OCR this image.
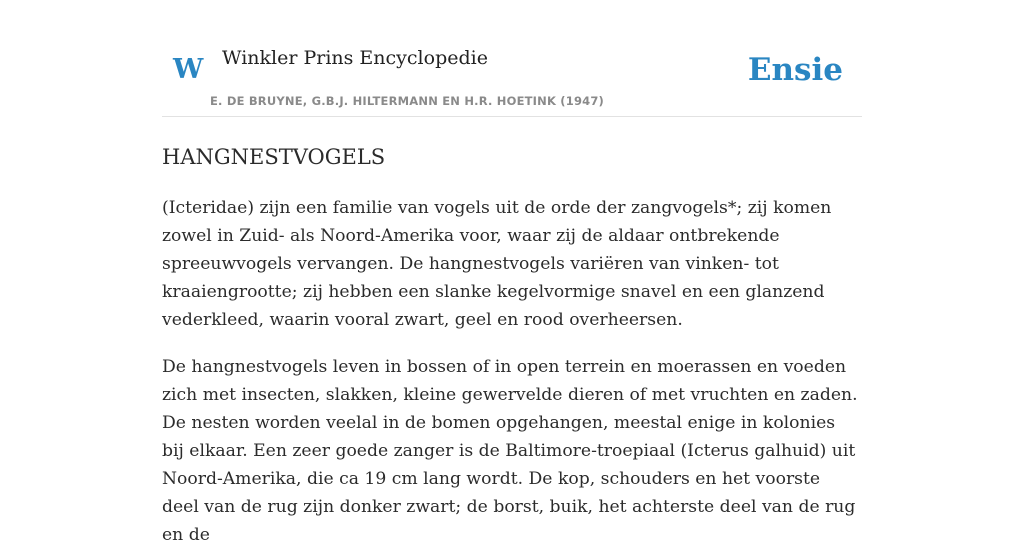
W Winkler Prins Encyclopedie
E. DE BRUYNE, G.B.J. HILTERMANN EN H.R. HOETINK (1947)
Ensie
HANGNESTVOGELS

(Icteridae) zijn een familie van vogels uit de orde der zangvogels*; zij komen zowel in Zuid- als Noord-Amerika voor, waar zij de aldaar ontbrekende spreeuwvogels vervangen. De hangnestvogels variëren van vinken- tot kraaiengrootte; zij hebben een slanke kegelvormige snavel en een glanzend vederkleed, waarin vooral zwart, geel en rood overheersen.

De hangnestvogels leven in bossen of in open terrein en moerassen en voeden zich met insecten, slakken, kleine gewervelde dieren of met vruchten en zaden. De nesten worden veelal in de bomen opgehangen, meestal enige in kolonies bij elkaar. Een zeer goede zanger is de Baltimore-troepiaal (Icterus galhuid) uit Noord-Amerika, die ca 19 cm lang wordt. De kop, schouders en het voorste deel van de rug zijn donker zwart; de borst, buik, het achterste deel van de rug en de
